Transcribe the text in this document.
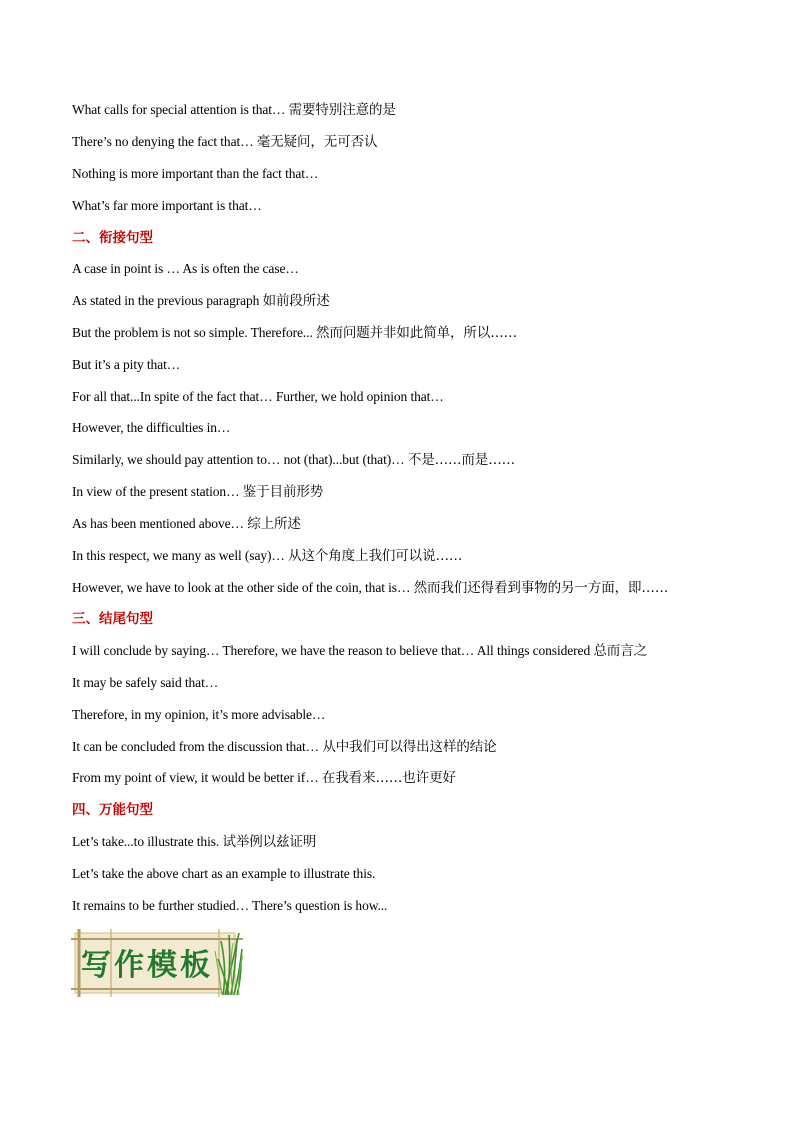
What calls for special attention is that… 需要特别注意的是
There’s no denying the fact that… 毫无疑问，无可否认
Nothing is more important than the fact that…
What’s far more important is that…
二、衔接句型
A case in point is … As is often the case…
As stated in the previous paragraph 如前段所述
But the problem is not so simple. Therefore... 然而问题并非如此简单，所以……
But it’s a pity that…
For all that...In spite of the fact that… Further, we hold opinion that…
However, the difficulties in…
Similarly, we should pay attention to… not (that)...but (that)… 不是……而是……
In view of the present station… 鉴于目前形势
As has been mentioned above… 综上所述
In this respect, we many as well (say)… 从这个角度上我们可以说……
However, we have to look at the other side of the coin, that is… 然而我们还得看到事物的另一方面，即……
三、结尾句型
I will conclude by saying… Therefore, we have the reason to believe that… All things considered 总而言之
It may be safely said that…
Therefore, in my opinion, it’s more advisable…
It can be concluded from the discussion that… 从中我们可以得出这样的结论
From my point of view, it would be better if… 在我看来……也许更好
四、万能句型
Let’s take...to illustrate this. 试举例以兹证明
Let’s take the above chart as an example to illustrate this.
It remains to be further studied… There’s question is how...
写作模板
